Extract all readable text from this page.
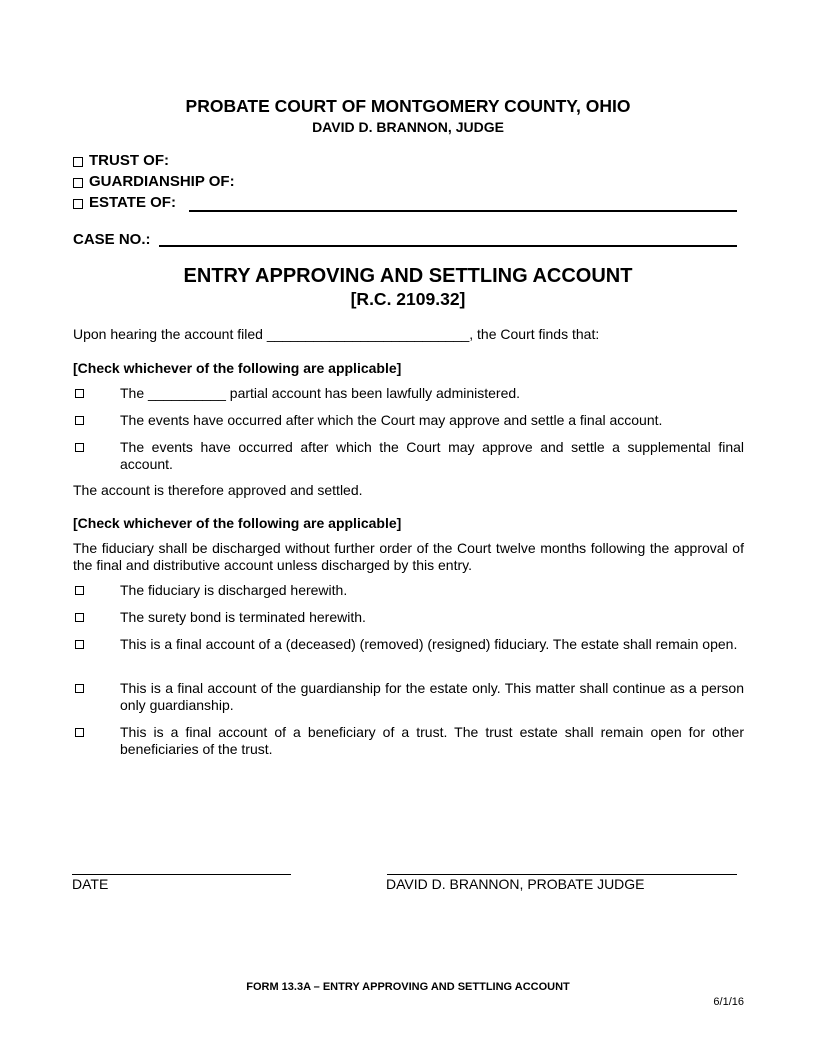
PROBATE COURT OF MONTGOMERY COUNTY, OHIO
DAVID D. BRANNON, JUDGE
TRUST OF:
GUARDIANSHIP OF:
ESTATE OF:
CASE NO.:
ENTRY APPROVING AND SETTLING ACCOUNT
[R.C. 2109.32]
Upon hearing the account filed __________________________, the Court finds that:
[Check whichever of the following are applicable]
The __________ partial account has been lawfully administered.
The events have occurred after which the Court may approve and settle a final account.
The events have occurred after which the Court may approve and settle a supplemental final account.
The account is therefore approved and settled.
[Check whichever of the following are applicable]
The fiduciary shall be discharged without further order of the Court twelve months following the approval of the final and distributive account unless discharged by this entry.
The fiduciary is discharged herewith.
The surety bond is terminated herewith.
This is a final account of a (deceased) (removed) (resigned) fiduciary. The estate shall remain open.
This is a final account of the guardianship for the estate only. This matter shall continue as a person only guardianship.
This is a final account of a beneficiary of a trust. The trust estate shall remain open for other beneficiaries of the trust.
DATE	DAVID D. BRANNON, PROBATE JUDGE
FORM 13.3A – ENTRY APPROVING AND SETTLING ACCOUNT
6/1/16
